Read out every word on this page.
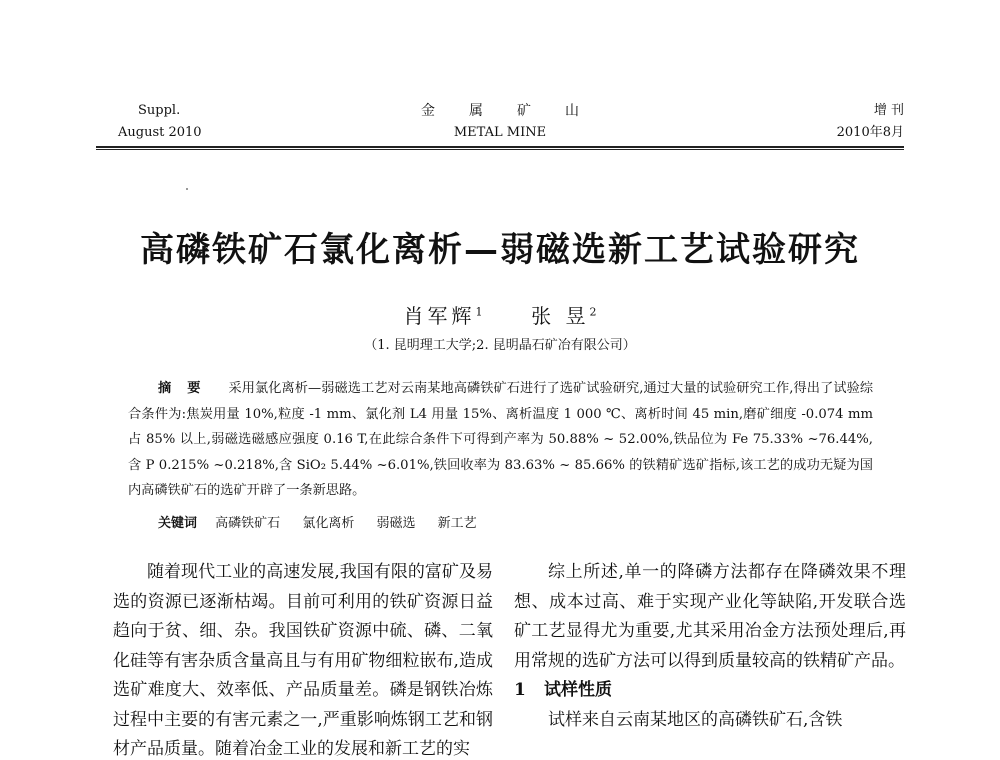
Suppl.
August 2010
金属矿山
METAL MINE
增 刊
2010年8月
高磷铁矿石氯化离析—弱磁选新工艺试验研究
肖军辉$^1$ 张 昱$^2$
（1. 昆明理工大学;2. 昆明晶石矿冶有限公司）
摘要 采用氯化离析—弱磁选工艺对云南某地高磷铁矿石进行了选矿试验研究,通过大量的试验研究工作,得出了试验综合条件为:焦炭用量 10%,粒度 -1 mm、氯化剂 L4 用量 15%、离析温度 1 000 ℃、离析时间 45 min,磨矿细度 -0.074 mm 占 85% 以上,弱磁选磁感应强度 0.16 T,在此综合条件下可得到产率为 50.88% ~ 52.00%,铁品位为 Fe 75.33% ~76.44%,含 P 0.215% ~0.218%,含 SiO₂ 5.44% ~6.01%,铁回收率为 83.63% ~ 85.66% 的铁精矿选矿指标,该工艺的成功无疑为国内高磷铁矿石的选矿开辟了一条新思路。
关键词 高磷铁矿石 氯化离析 弱磁选 新工艺

随着现代工业的高速发展,我国有限的富矿及易选的资源已逐渐枯竭。目前可利用的铁矿资源日益趋向于贫、细、杂。我国铁矿资源中硫、磷、二氧化硅等有害杂质含量高且与有用矿物细粒嵌布,造成选矿难度大、效率低、产品质量差。磷是钢铁冶炼过程中主要的有害元素之一,严重影响炼钢工艺和钢材产品质量。随着冶金工业的发展和新工艺的实

综上所述,单一的降磷方法都存在降磷效果不理想、成本过高、难于实现产业化等缺陷,开发联合选矿工艺显得尤为重要,尤其采用冶金方法预处理后,再用常规的选矿方法可以得到质量较高的铁精矿产品。

1 试样性质

试样来自云南某地区的高磷铁矿石,含铁
